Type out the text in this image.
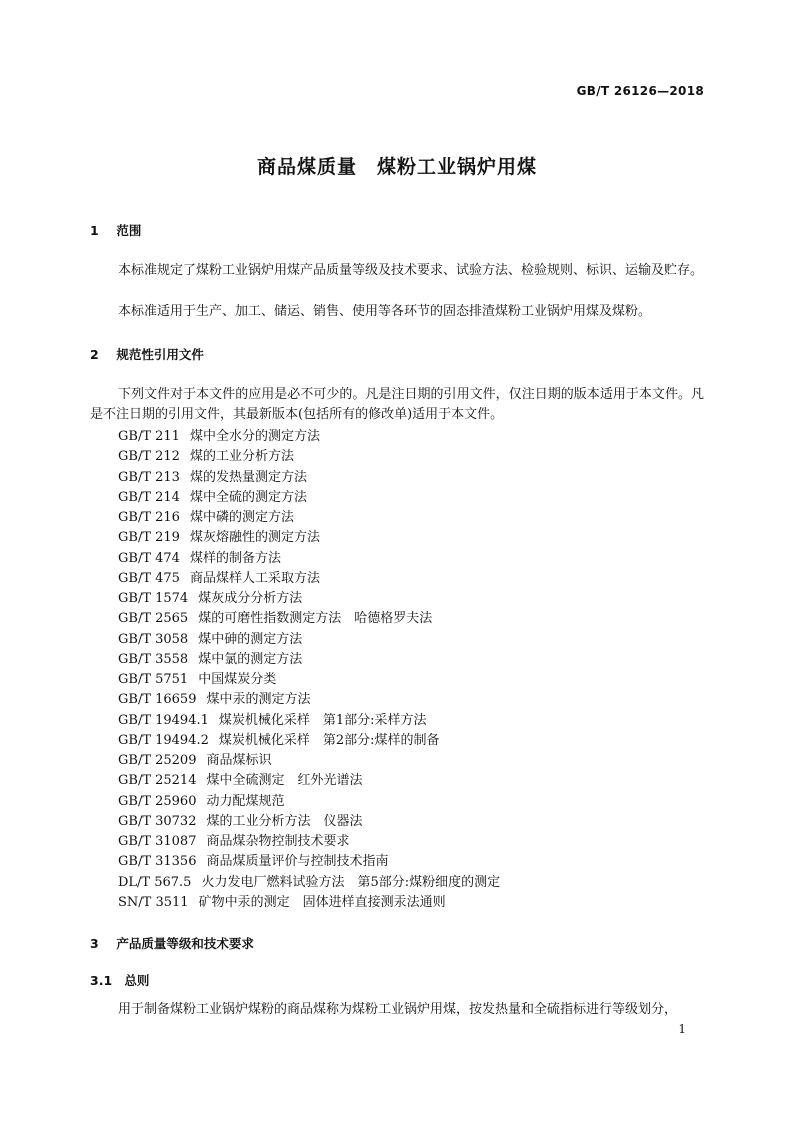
GB/T 26126—2018
商品煤质量　煤粉工业锅炉用煤
1 范围
本标准规定了煤粉工业锅炉用煤产品质量等级及技术要求、试验方法、检验规则、标识、运输及贮存。
本标准适用于生产、加工、储运、销售、使用等各环节的固态排渣煤粉工业锅炉用煤及煤粉。
2 规范性引用文件
下列文件对于本文件的应用是必不可少的。凡是注日期的引用文件，仅注日期的版本适用于本文件。凡是不注日期的引用文件，其最新版本(包括所有的修改单)适用于本文件。
GB/T 211 煤中全水分的测定方法
GB/T 212 煤的工业分析方法
GB/T 213 煤的发热量测定方法
GB/T 214 煤中全硫的测定方法
GB/T 216 煤中磷的测定方法
GB/T 219 煤灰熔融性的测定方法
GB/T 474 煤样的制备方法
GB/T 475 商品煤样人工采取方法
GB/T 1574 煤灰成分分析方法
GB/T 2565 煤的可磨性指数测定方法　哈德格罗夫法
GB/T 3058 煤中砷的测定方法
GB/T 3558 煤中氯的测定方法
GB/T 5751 中国煤炭分类
GB/T 16659 煤中汞的测定方法
GB/T 19494.1 煤炭机械化采样　第1部分:采样方法
GB/T 19494.2 煤炭机械化采样　第2部分:煤样的制备
GB/T 25209 商品煤标识
GB/T 25214 煤中全硫测定　红外光谱法
GB/T 25960 动力配煤规范
GB/T 30732 煤的工业分析方法　仪器法
GB/T 31087 商品煤杂物控制技术要求
GB/T 31356 商品煤质量评价与控制技术指南
DL/T 567.5 火力发电厂燃料试验方法　第5部分:煤粉细度的测定
SN/T 3511 矿物中汞的测定　固体进样直接测汞法通则
3 产品质量等级和技术要求
3.1 总则
用于制备煤粉工业锅炉煤粉的商品煤称为煤粉工业锅炉用煤，按发热量和全硫指标进行等级划分，
1
